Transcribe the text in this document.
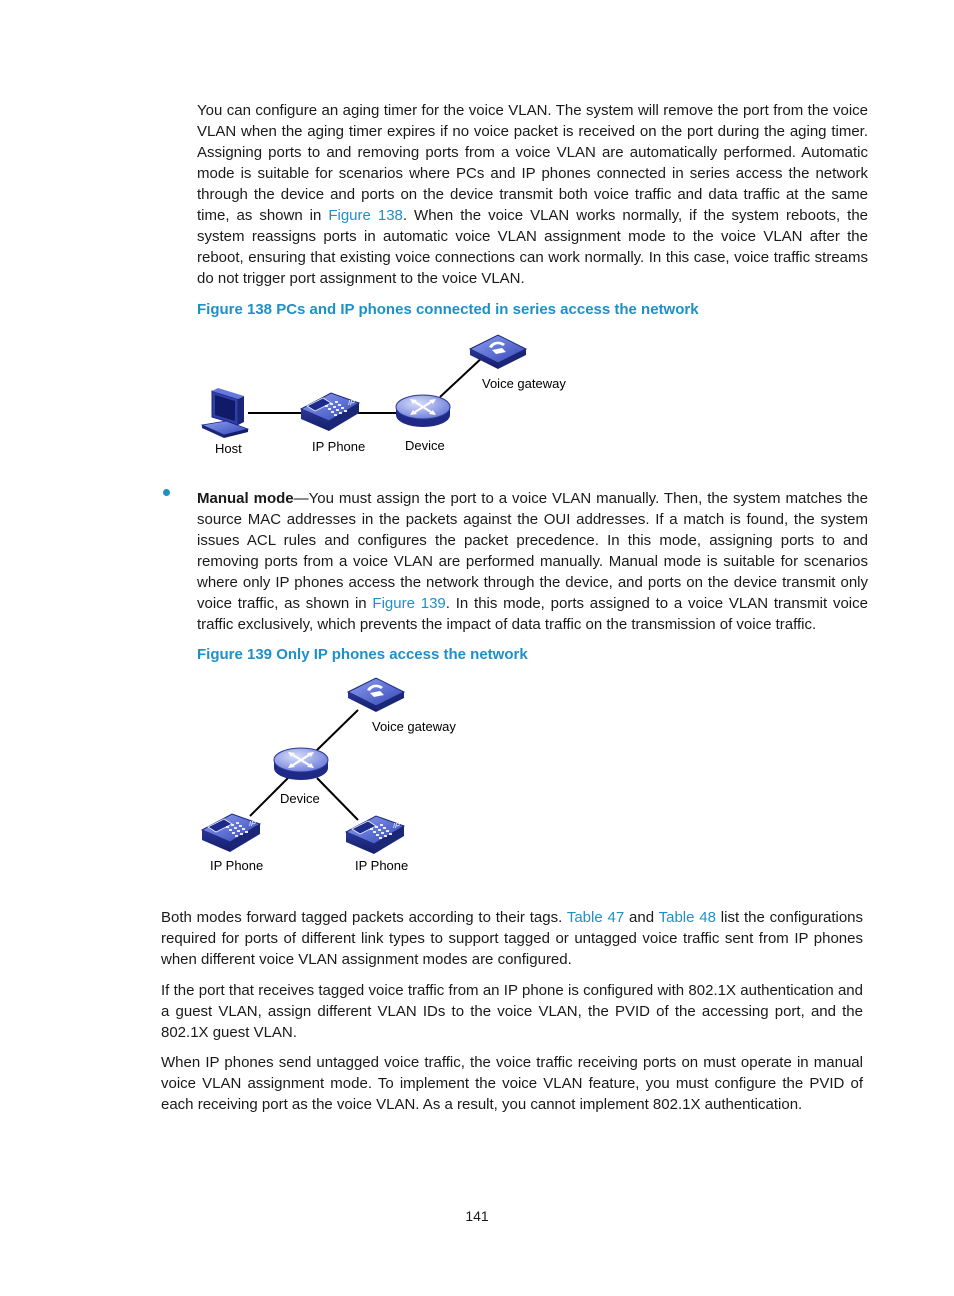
You can configure an aging timer for the voice VLAN. The system will remove the port from the voice VLAN when the aging timer expires if no voice packet is received on the port during the aging timer. Assigning ports to and removing ports from a voice VLAN are automatically performed. Automatic mode is suitable for scenarios where PCs and IP phones connected in series access the network through the device and ports on the device transmit both voice traffic and data traffic at the same time, as shown in Figure 138. When the voice VLAN works normally, if the system reboots, the system reassigns ports in automatic voice VLAN assignment mode to the voice VLAN after the reboot, ensuring that existing voice connections can work normally. In this case, voice traffic streams do not trigger port assignment to the voice VLAN.

Figure 138 PCs and IP phones connected in series access the network

Host	IP Phone	Device
Voice gateway

Manual mode—You must assign the port to a voice VLAN manually. Then, the system matches the source MAC addresses in the packets against the OUI addresses. If a match is found, the system issues ACL rules and configures the packet precedence. In this mode, assigning ports to and removing ports from a voice VLAN are performed manually. Manual mode is suitable for scenarios where only IP phones access the network through the device, and ports on the device transmit only voice traffic, as shown in Figure 139. In this mode, ports assigned to a voice VLAN transmit voice traffic exclusively, which prevents the impact of data traffic on the transmission of voice traffic.

Figure 139 Only IP phones access the network

Voice gateway
Device
IP Phone	IP Phone

Both modes forward tagged packets according to their tags. Table 47 and Table 48 list the configurations required for ports of different link types to support tagged or untagged voice traffic sent from IP phones when different voice VLAN assignment modes are configured.

If the port that receives tagged voice traffic from an IP phone is configured with 802.1X authentication and a guest VLAN, assign different VLAN IDs to the voice VLAN, the PVID of the accessing port, and the 802.1X guest VLAN.

When IP phones send untagged voice traffic, the voice traffic receiving ports on must operate in manual voice VLAN assignment mode. To implement the voice VLAN feature, you must configure the PVID of each receiving port as the voice VLAN. As a result, you cannot implement 802.1X authentication.

141
